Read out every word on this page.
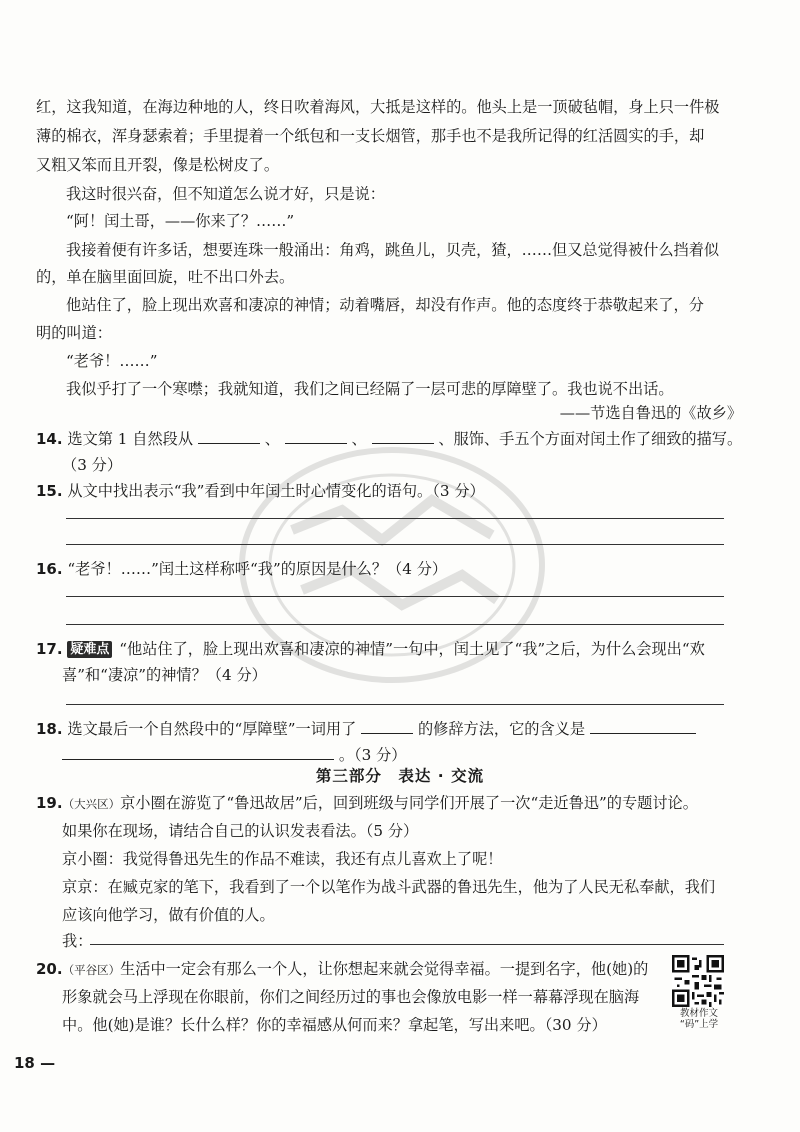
红，这我知道，在海边种地的人，终日吹着海风，大抵是这样的。他头上是一顶破毡帽，身上只一件极
薄的棉衣，浑身瑟索着；手里提着一个纸包和一支长烟管，那手也不是我所记得的红活圆实的手，却
又粗又笨而且开裂，像是松树皮了。
我这时很兴奋，但不知道怎么说才好，只是说：
“阿！闰土哥，——你来了？……”
我接着便有许多话，想要连珠一般涌出：角鸡，跳鱼儿，贝壳，猹，……但又总觉得被什么挡着似
的，单在脑里面回旋，吐不出口外去。
他站住了，脸上现出欢喜和凄凉的神情；动着嘴唇，却没有作声。他的态度终于恭敬起来了，分
明的叫道：
“老爷！……”
我似乎打了一个寒噤；我就知道，我们之间已经隔了一层可悲的厚障壁了。我也说不出话。
——节选自鲁迅的《故乡》
14. 选文第 1 自然段从	、	、	、服饰、手五个方面对闰土作了细致的描写。
（3 分）
15. 从文中找出表示“我”看到中年闰土时心情变化的语句。（3 分）
16. “老爷！……”闰土这样称呼“我”的原因是什么？（4 分）
17. 疑难点 “他站住了，脸上现出欢喜和凄凉的神情”一句中，闰土见了“我”之后，为什么会现出“欢
喜”和“凄凉”的神情？（4 分）
18. 选文最后一个自然段中的“厚障壁”一词用了	的修辞方法，它的含义是
。（3 分）
第三部分　表达 · 交流
19.（大兴区）京小圈在游览了“鲁迅故居”后，回到班级与同学们开展了一次“走近鲁迅”的专题讨论。
如果你在现场，请结合自己的认识发表看法。（5 分）
京小圈：我觉得鲁迅先生的作品不难读，我还有点儿喜欢上了呢！
京京：在臧克家的笔下，我看到了一个以笔作为战斗武器的鲁迅先生，他为了人民无私奉献，我们
应该向他学习，做有价值的人。
我：
20.（平谷区）生活中一定会有那么一个人，让你想起来就会觉得幸福。一提到名字，他(她)的
形象就会马上浮现在你眼前，你们之间经历过的事也会像放电影一样一幕幕浮现在脑海
中。他(她)是谁？长什么样？你的幸福感从何而来？拿起笔，写出来吧。（30 分）
教材作文
“码”上学
18 —
